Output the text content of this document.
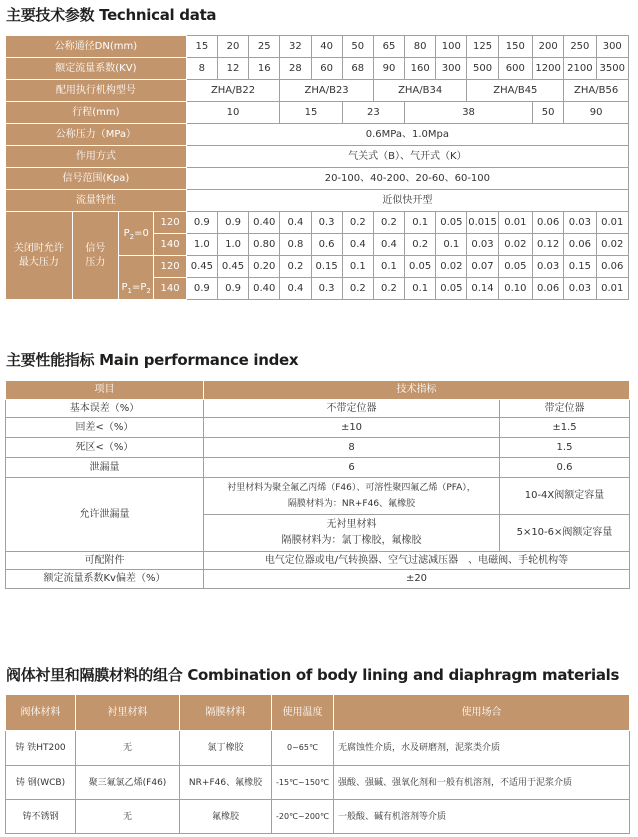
主要技术参数 Technical data
公称通径DN(mm)				15	20	25	32	40	50	65	80	100	125	150	200	250	300
额定流量系数(KV)				8	12	16	28	60	68	90	160	300	500	600	1200	2100	3500
配用执行机构型号				ZHA/B22			ZHA/B23			ZHA/B34			ZHA/B45			ZHA/B56	
行程(mm)				10			15		23		38				50	90	
公称压力（MPa）				0.6MPa、1.0Mpa													
作用方式				气关式（B）、气开式（K）													
信号范围(Kpa)				20-100、40-200、20-60、60-100													
流量特性				近似快开型													
关闭时允许最大压力	信号压力	$P_2=0$	120	0.9	0.9	0.40	0.4	0.3	0.2	0.2	0.1	0.05	0.015	0.01	0.06	0.03	0.01
			140	1.0	1.0	0.80	0.8	0.6	0.4	0.4	0.2	0.1	0.03	0.02	0.12	0.06	0.02
		$P_1=P_2$	120	0.45	0.45	0.20	0.2	0.15	0.1	0.1	0.05	0.02	0.07	0.05	0.03	0.15	0.06
			140	0.9	0.9	0.40	0.4	0.3	0.2	0.2	0.1	0.05	0.14	0.10	0.06	0.03	0.01
主要性能指标 Main performance index
项目	技术指标	
基本误差（%）	不带定位器	带定位器
回差<（%）	±10	±1.5
死区<（%）	8	1.5
泄漏量	6	0.6
允许泄漏量	衬里材料为聚全氟乙丙烯（F46）、可溶性聚四氟乙烯（PFA），
隔膜材料为：NR+F46、氟橡胶	10-4X阀额定容量

	无衬里材料
隔膜材料为：氯丁橡胶，氟橡胶	5×10-6×阀额定容量
可配附件	电气定位器或电/气转换器、空气过滤减压器　、电磁阀、手轮机构等	
额定流量系数Kv偏差（%）	±20	
阀体衬里和隔膜材料的组合 Combination of body lining and diaphragm materials
阀体材料	衬里材料	隔膜材料	使用温度	使用场合
铸 铁HT200	无	氯丁橡胶	0~65℃	无腐蚀性介质，水及研磨剂，泥浆类介质
铸 钢(WCB)	聚三氟氯乙烯(F46)	NR+F46、氟橡胶	-15℃~150℃	强酸、强碱、强氧化剂和一般有机溶剂，不适用于泥浆介质
铸不锈钢	无	氟橡胶	-20℃~200℃	一般酸、碱有机溶剂等介质
